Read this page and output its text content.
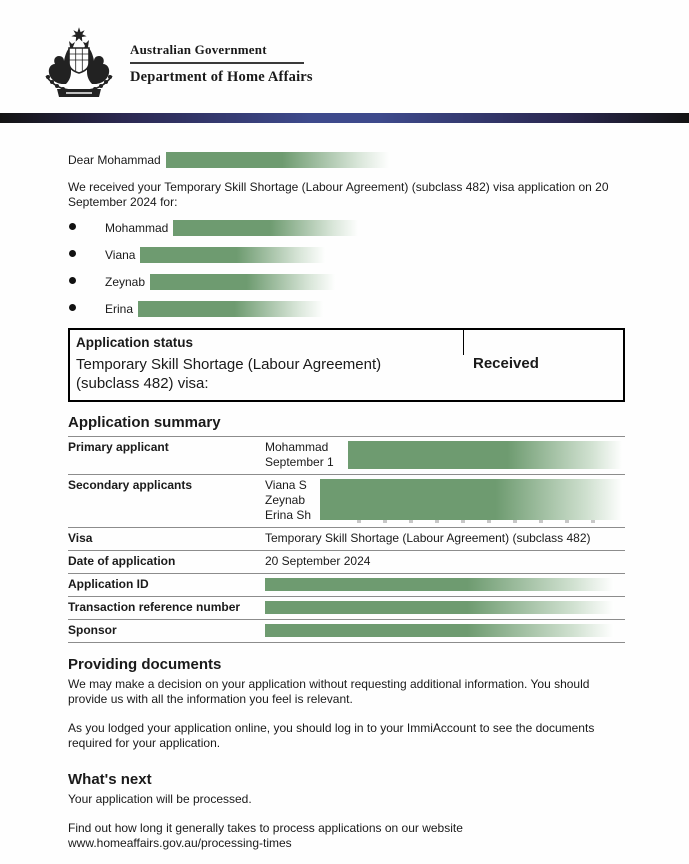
Australian Government
Department of Home Affairs

Dear Mohammad

We received your Temporary Skill Shortage (Labour Agreement) (subclass 482) visa application on 20 September 2024 for:

Mohammad
Viana
Zeynab
Erina
Application status
Temporary Skill Shortage (Labour Agreement) (subclass 482) visa:
Received
Application summary
Primary applicant	Mohammad
September 1

Secondary applicants	Viana S
Zeynab
Erina Sh

Visa	Temporary Skill Shortage (Labour Agreement) (subclass 482)

Date of application	20 September 2024

Application ID	

Transaction reference number	

Sponsor	
Providing documents

We may make a decision on your application without requesting additional information. You should provide us with all the information you feel is relevant.

As you lodged your application online, you should log in to your ImmiAccount to see the documents required for your application.

What's next

Your application will be processed.

Find out how long it generally takes to process applications on our website www.homeaffairs.gov.au/processing-times
